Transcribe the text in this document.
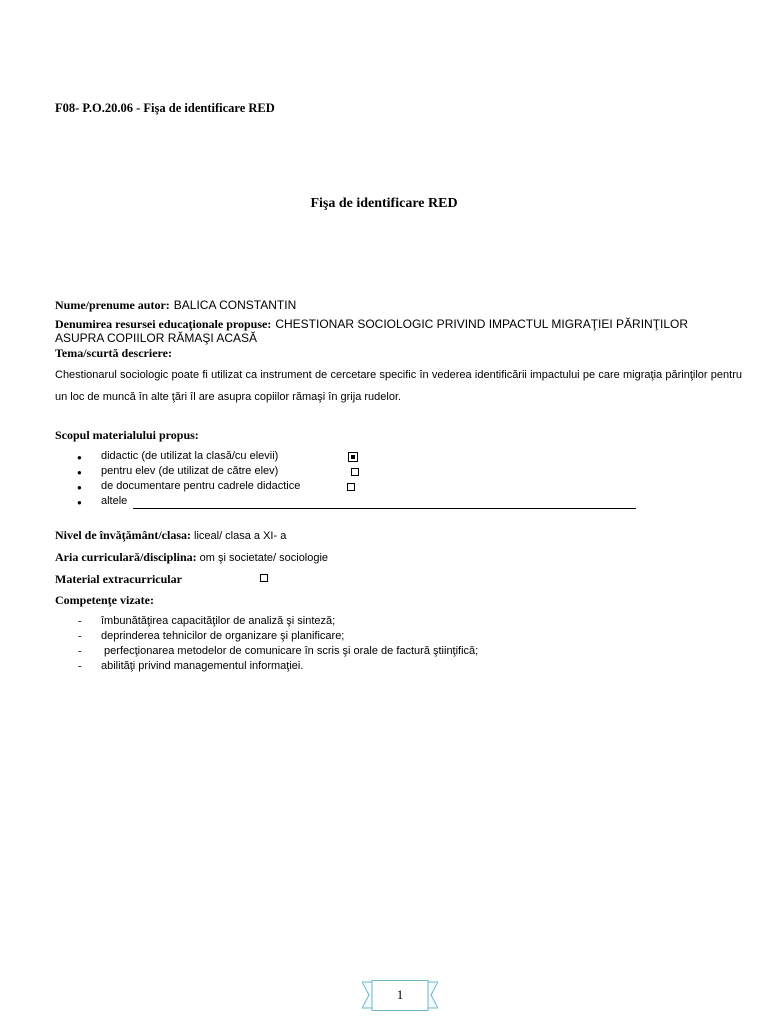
F08- P.O.20.06 - Fişa de identificare RED
Fişa de identificare RED
Nume/prenume autor: BALICA CONSTANTIN
Denumirea resursei educaţionale propuse: CHESTIONAR SOCIOLOGIC PRIVIND IMPACTUL MIGRAŢIEI PĂRINŢILOR
ASUPRA COPIILOR RĂMAŞI ACASĂ
Tema/scurtă descriere:
Chestionarul sociologic poate fi utilizat ca instrument de cercetare specific în vederea identificării impactului pe care migraţia părinţilor pentru un loc de muncă în alte ţări îl are asupra copiilor rămaşi în grija rudelor.
Scopul materialului propus:
● didactic (de utilizat la clasă/cu elevii)
● pentru elev (de utilizat de către elev)
● de documentare pentru cadrele didactice
● altele
Nivel de învăţământ/clasa: liceal/ clasa a XI- a
Aria curriculară/disciplina: om şi societate/ sociologie
Material extracurricular
Competenţe vizate:
- îmbunătăţirea capacităţilor de analiză şi sinteză;
- deprinderea tehnicilor de organizare şi planificare;
- perfecţionarea metodelor de comunicare în scris şi orale de factură ştiinţifică;
- abilităţi privind managementul informaţiei.
1
